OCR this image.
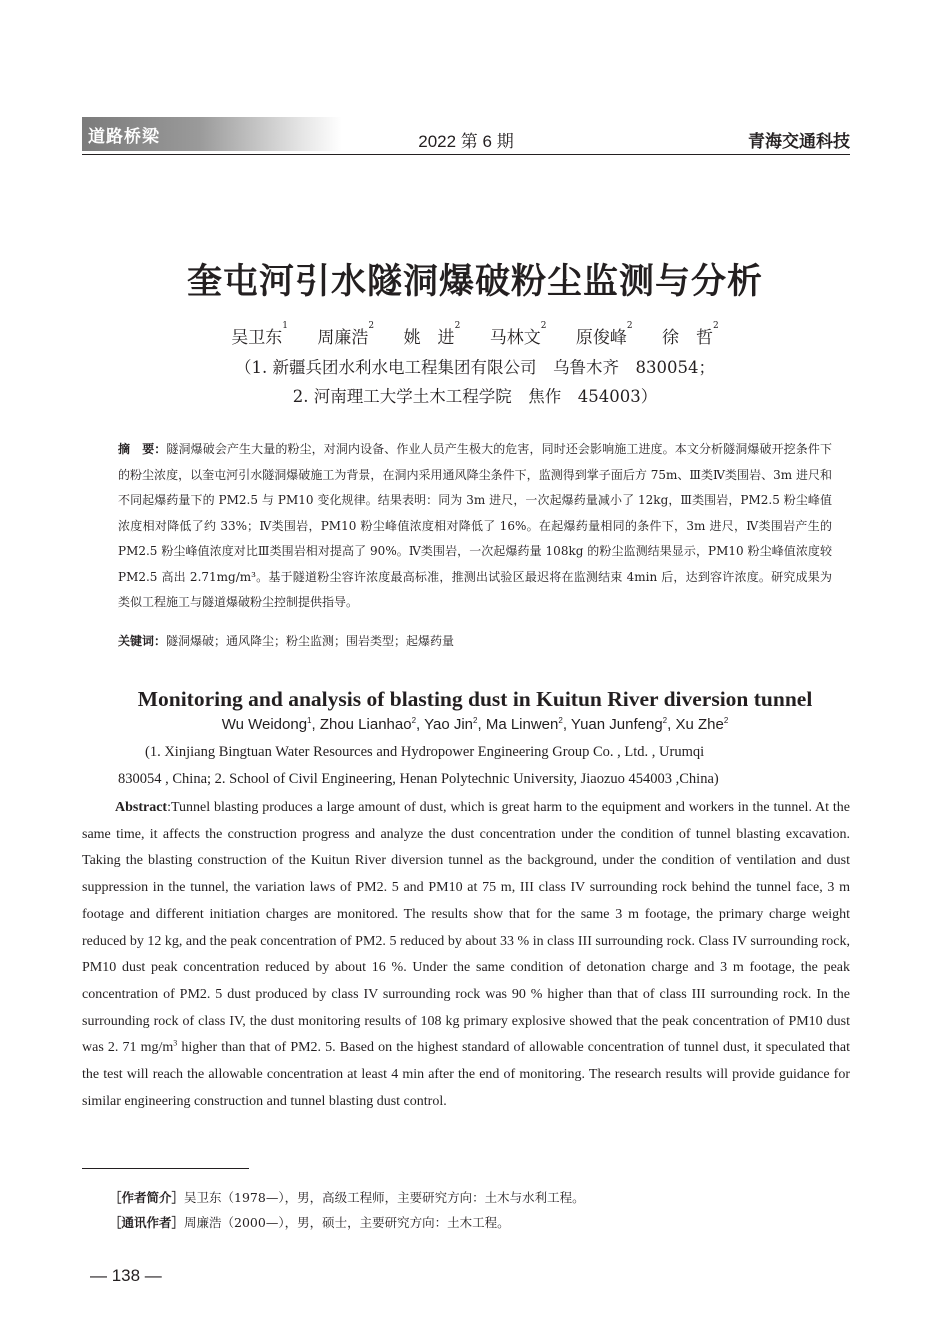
道路桥梁	2022 第 6 期	青海交通科技
奎屯河引水隧洞爆破粉尘监测与分析
吴卫东$^1$ 周廉浩$^2$ 姚　进$^2$ 马林文$^2$ 原俊峰$^2$ 徐　哲$^2$
（1. 新疆兵团水利水电工程集团有限公司　乌鲁木齐　830054；
2. 河南理工大学土木工程学院　焦作　454003）
摘　要：隧洞爆破会产生大量的粉尘，对洞内设备、作业人员产生极大的危害，同时还会影响施工进度。本文分析隧洞爆破开挖条件下的粉尘浓度，以奎屯河引水隧洞爆破施工为背景，在洞内采用通风降尘条件下，监测得到掌子面后方 75m、Ⅲ类Ⅳ类围岩、3m 进尺和不同起爆药量下的 PM2.5 与 PM10 变化规律。结果表明：同为 3m 进尺，一次起爆药量减小了 12kg，Ⅲ类围岩，PM2.5 粉尘峰值浓度相对降低了约 33%；Ⅳ类围岩，PM10 粉尘峰值浓度相对降低了 16%。在起爆药量相同的条件下，3m 进尺，Ⅳ类围岩产生的 PM2.5 粉尘峰值浓度对比Ⅲ类围岩相对提高了 90%。Ⅳ类围岩，一次起爆药量 108kg 的粉尘监测结果显示，PM10 粉尘峰值浓度较 PM2.5 高出 2.71mg/m³。基于隧道粉尘容许浓度最高标准，推测出试验区最迟将在监测结束 4min 后，达到容许浓度。研究成果为类似工程施工与隧道爆破粉尘控制提供指导。
关键词：隧洞爆破；通风降尘；粉尘监测；围岩类型；起爆药量
Monitoring and analysis of blasting dust in Kuitun River diversion tunnel
Wu Weidong$^1$, Zhou Lianhao$^2$, Yao Jin$^2$, Ma Linwen$^2$, Yuan Junfeng$^2$, Xu Zhe$^2$
(1. Xinjiang Bingtuan Water Resources and Hydropower Engineering Group Co. , Ltd. , Urumqi
830054 , China; 2. School of Civil Engineering, Henan Polytechnic University, Jiaozuo 454003 ,China)

Abstract:Tunnel blasting produces a large amount of dust, which is great harm to the equipment and workers in the tunnel. At the same time, it affects the construction progress and analyze the dust concentration under the condition of tunnel blasting excavation. Taking the blasting construction of the Kuitun River diversion tunnel as the background, under the condition of ventilation and dust suppression in the tunnel, the variation laws of PM2. 5 and PM10 at 75 m, III class IV surrounding rock behind the tunnel face, 3 m footage and different initiation charges are monitored. The results show that for the same 3 m footage, the primary charge weight reduced by 12 kg, and the peak concentration of PM2. 5 reduced by about 33 % in class III surrounding rock. Class IV surrounding rock, PM10 dust peak concentration reduced by about 16 %. Under the same condition of detonation charge and 3 m footage, the peak concentration of PM2. 5 dust produced by class IV surrounding rock was 90 % higher than that of class III surrounding rock. In the surrounding rock of class IV, the dust monitoring results of 108 kg primary explosive showed that the peak concentration of PM10 dust was 2. 71 $mg/m^3$ higher than that of PM2. 5. Based on the highest standard of allowable concentration of tunnel dust, it speculated that the test will reach the allowable concentration at least 4 min after the end of monitoring. The research results will provide guidance for similar engineering construction and tunnel blasting dust control.

［作者简介］吴卫东（1978—），男，高级工程师，主要研究方向：土木与水利工程。
［通讯作者］周廉浩（2000—），男，硕士，主要研究方向：土木工程。
— 138 —
